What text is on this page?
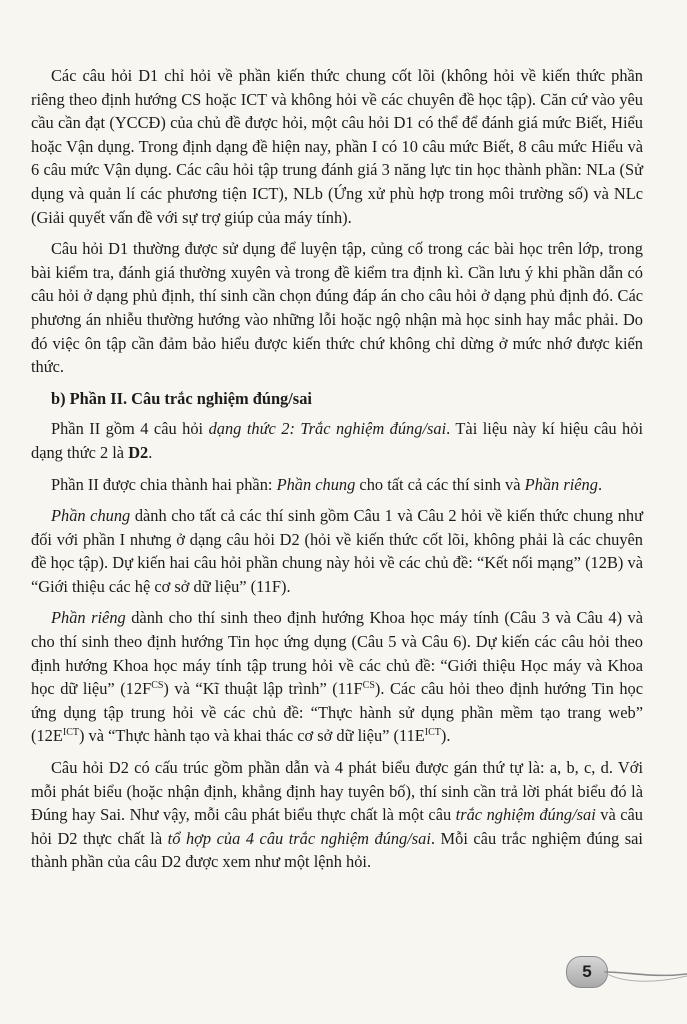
Các câu hỏi D1 chỉ hỏi về phần kiến thức chung cốt lõi (không hỏi về kiến thức phần riêng theo định hướng CS hoặc ICT và không hỏi về các chuyên đề học tập). Căn cứ vào yêu cầu cần đạt (YCCĐ) của chủ đề được hỏi, một câu hỏi D1 có thể để đánh giá mức Biết, Hiểu hoặc Vận dụng. Trong định dạng đề hiện nay, phần I có 10 câu mức Biết, 8 câu mức Hiểu và 6 câu mức Vận dụng. Các câu hỏi tập trung đánh giá 3 năng lực tin học thành phần: NLa (Sử dụng và quản lí các phương tiện ICT), NLb (Ứng xử phù hợp trong môi trường số) và NLc (Giải quyết vấn đề với sự trợ giúp của máy tính).

Câu hỏi D1 thường được sử dụng để luyện tập, củng cố trong các bài học trên lớp, trong bài kiểm tra, đánh giá thường xuyên và trong đề kiểm tra định kì. Cần lưu ý khi phần dẫn có câu hỏi ở dạng phủ định, thí sinh cần chọn đúng đáp án cho câu hỏi ở dạng phủ định đó. Các phương án nhiễu thường hướng vào những lỗi hoặc ngộ nhận mà học sinh hay mắc phải. Do đó việc ôn tập cần đảm bảo hiểu được kiến thức chứ không chỉ dừng ở mức nhớ được kiến thức.

b) Phần II. Câu trắc nghiệm đúng/sai

Phần II gồm 4 câu hỏi dạng thức 2: Trắc nghiệm đúng/sai. Tài liệu này kí hiệu câu hỏi dạng thức 2 là D2.

Phần II được chia thành hai phần: Phần chung cho tất cả các thí sinh và Phần riêng.

Phần chung dành cho tất cả các thí sinh gồm Câu 1 và Câu 2 hỏi về kiến thức chung như đối với phần I nhưng ở dạng câu hỏi D2 (hỏi về kiến thức cốt lõi, không phải là các chuyên đề học tập). Dự kiến hai câu hỏi phần chung này hỏi về các chủ đề: “Kết nối mạng” (12B) và “Giới thiệu các hệ cơ sở dữ liệu” (11F).

Phần riêng dành cho thí sinh theo định hướng Khoa học máy tính (Câu 3 và Câu 4) và cho thí sinh theo định hướng Tin học ứng dụng (Câu 5 và Câu 6). Dự kiến các câu hỏi theo định hướng Khoa học máy tính tập trung hỏi về các chủ đề: “Giới thiệu Học máy và Khoa học dữ liệu” $(12F^{CS})$ và “Kĩ thuật lập trình” $(11F^{CS})$. Các câu hỏi theo định hướng Tin học ứng dụng tập trung hỏi về các chủ đề: “Thực hành sử dụng phần mềm tạo trang web” $(12E^{ICT})$ và “Thực hành tạo và khai thác cơ sở dữ liệu” $(11E^{ICT})$.

Câu hỏi D2 có cấu trúc gồm phần dẫn và 4 phát biểu được gán thứ tự là: a, b, c, d. Với mỗi phát biểu (hoặc nhận định, khẳng định hay tuyên bố), thí sinh cần trả lời phát biểu đó là Đúng hay Sai. Như vậy, mỗi câu phát biểu thực chất là một câu trắc nghiệm đúng/sai và câu hỏi D2 thực chất là tổ hợp của 4 câu trắc nghiệm đúng/sai. Mỗi câu trắc nghiệm đúng sai thành phần của câu D2 được xem như một lệnh hỏi.

5
